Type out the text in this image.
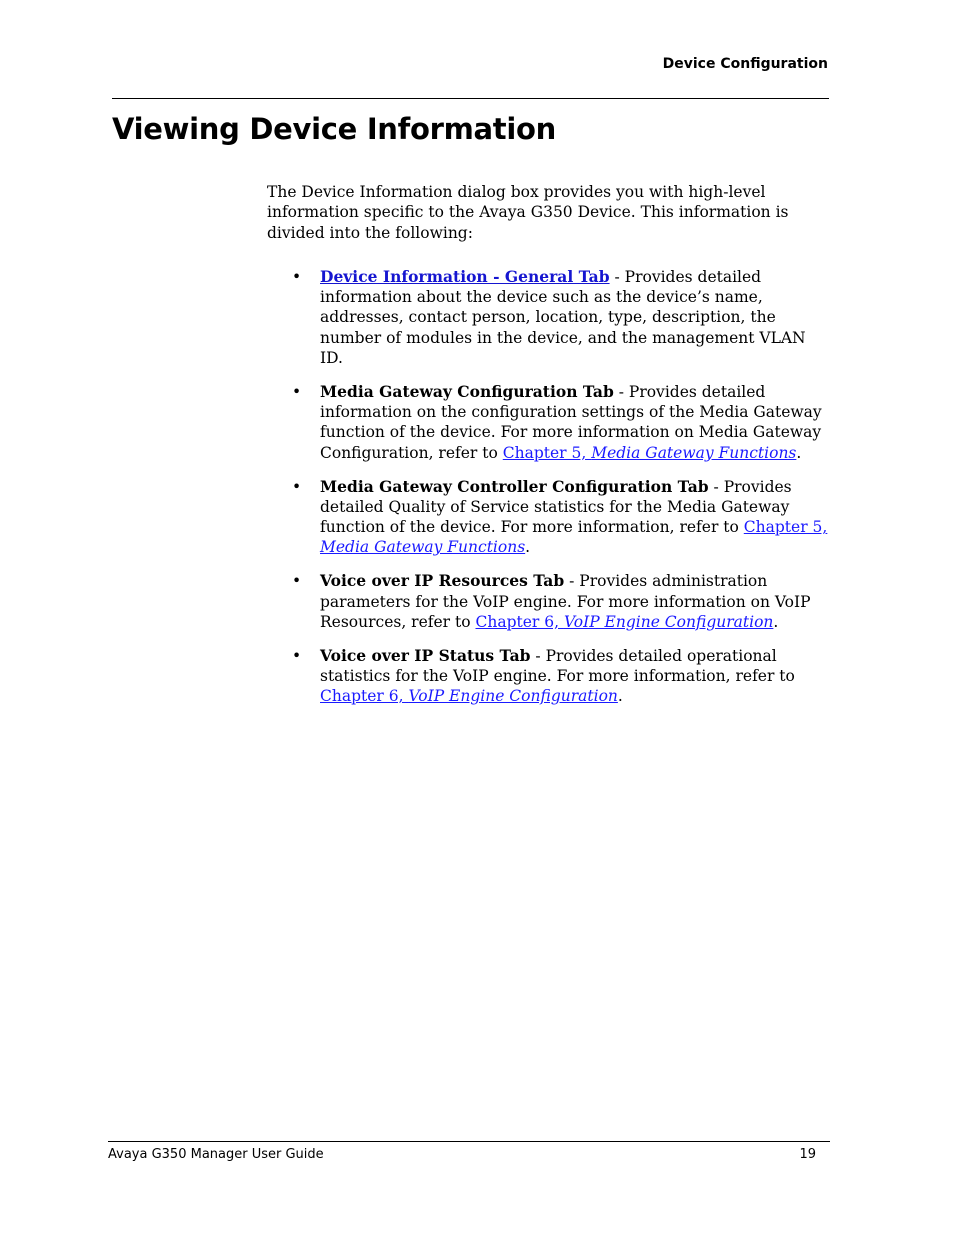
Device Configuration
Viewing Device Information

The Device Information dialog box provides you with high-level information specific to the Avaya G350 Device. This information is divided into the following:

• Device Information - General Tab - Provides detailed information about the device such as the device’s name, addresses, contact person, location, type, description, the number of modules in the device, and the management VLAN ID.
• Media Gateway Configuration Tab - Provides detailed information on the configuration settings of the Media Gateway function of the device. For more information on Media Gateway Configuration, refer to Chapter 5, Media Gateway Functions.
• Media Gateway Controller Configuration Tab - Provides detailed Quality of Service statistics for the Media Gateway function of the device. For more information, refer to Chapter 5, Media Gateway Functions.
• Voice over IP Resources Tab - Provides administration parameters for the VoIP engine. For more information on VoIP Resources, refer to Chapter 6, VoIP Engine Configuration.
• Voice over IP Status Tab - Provides detailed operational statistics for the VoIP engine. For more information, refer to Chapter 6, VoIP Engine Configuration.
Avaya G350 Manager User Guide	19
